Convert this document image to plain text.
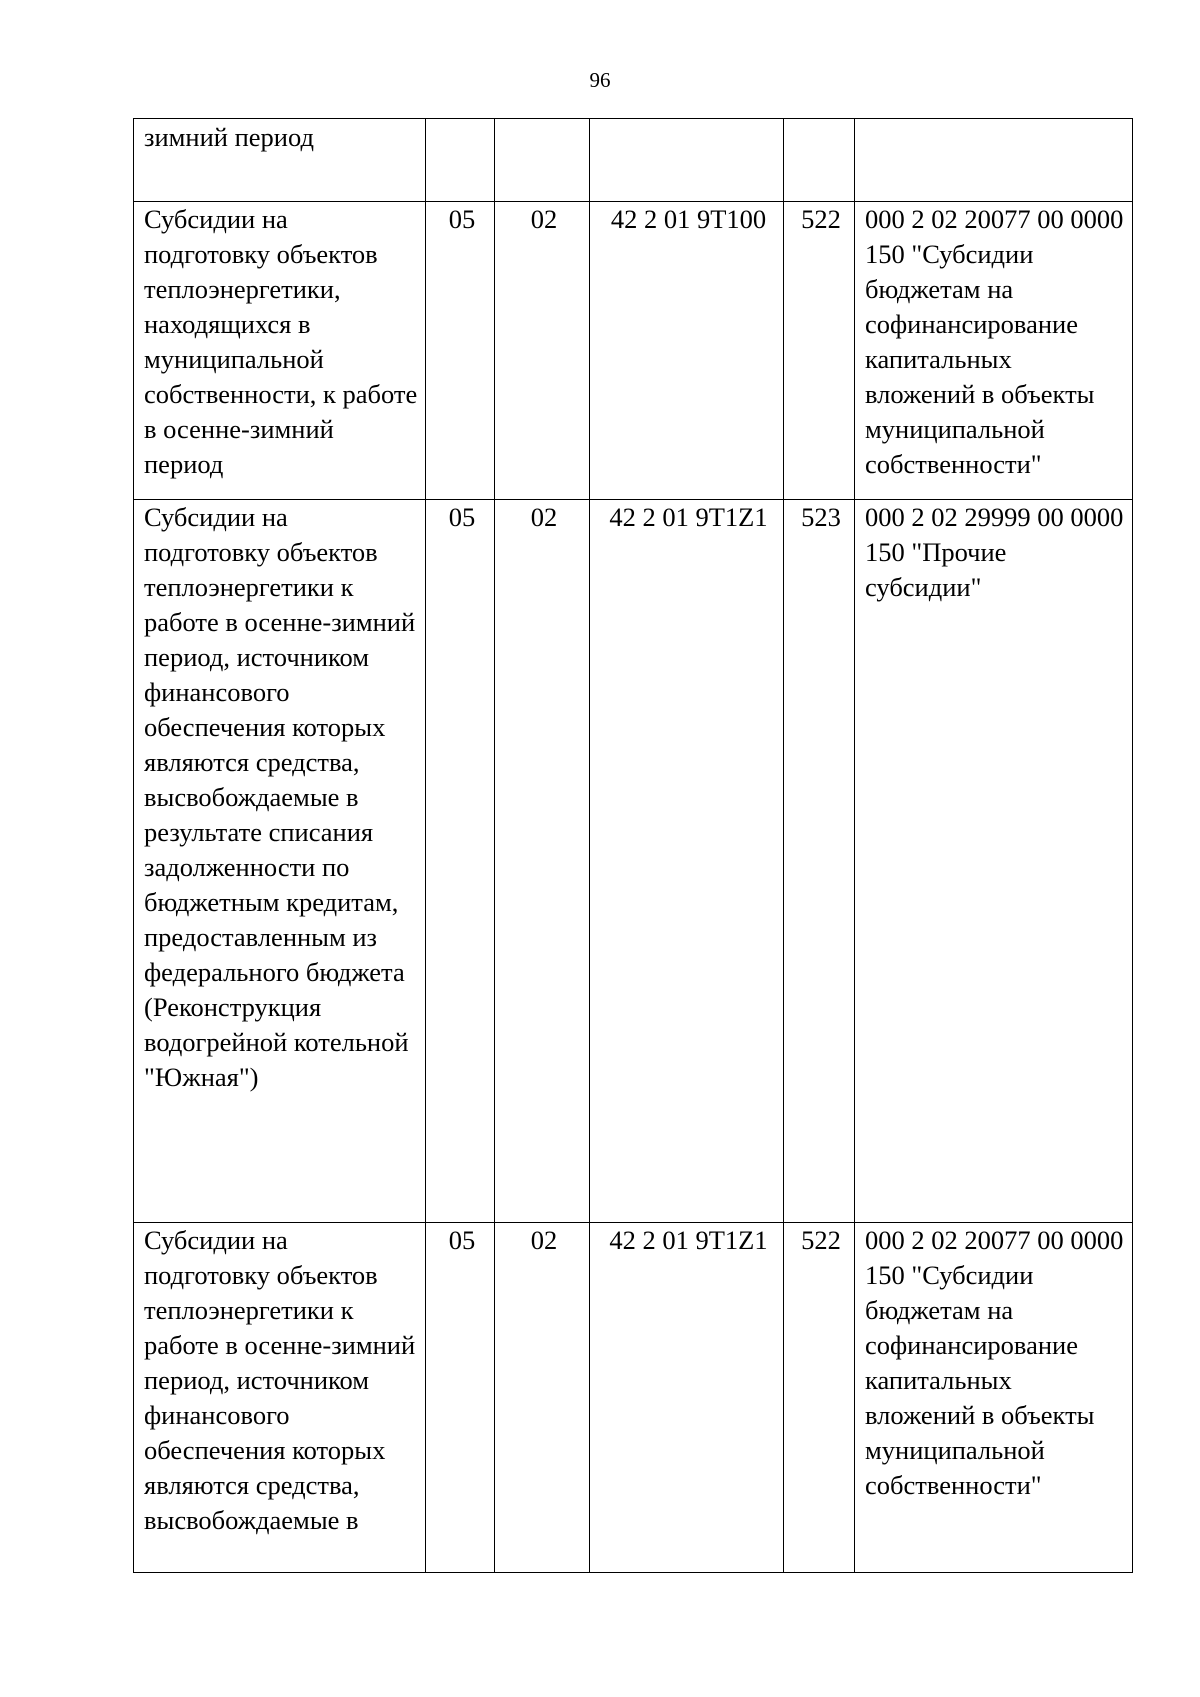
96
зимний период					
Субсидии на подготовку объектов теплоэнергетики, находящихся в муниципальной собственности, к работе в осенне-зимний период	05	02	42 2 01 9Т100	522	000 2 02 20077 00 0000 150 "Субсидии бюджетам на софинансирование капитальных вложений в объекты муниципальной собственности"
Субсидии на подготовку объектов теплоэнергетики к работе в осенне-зимний период, источником финансового обеспечения которых являются средства, высвобождаемые в результате списания задолженности по бюджетным кредитам, предоставленным из федерального бюджета (Реконструкция водогрейной котельной "Южная")	05	02	42 2 01 9Т1Z1	523	000 2 02 29999 00 0000 150 "Прочие субсидии"
Субсидии на подготовку объектов теплоэнергетики к работе в осенне-зимний период, источником финансового обеспечения которых являются средства, высвобождаемые в	05	02	42 2 01 9Т1Z1	522	000 2 02 20077 00 0000 150 "Субсидии бюджетам на софинансирование капитальных вложений в объекты муниципальной собственности"
